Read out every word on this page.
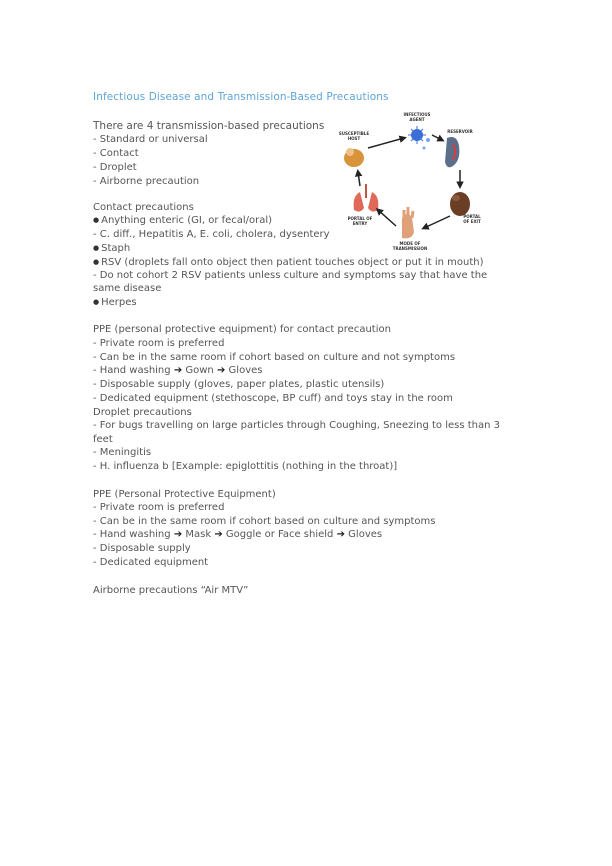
Infectious Disease and Transmission-Based Precautions
There are 4 transmission-based precautions
- Standard or universal
- Contact
- Droplet
- Airborne precaution
Contact precautions
● Anything enteric (GI, or fecal/oral)
- C. diff., Hepatitis A, E. coli, cholera, dysentery
● Staph
● RSV (droplets fall onto object then patient touches object or put it in mouth)
- Do not cohort 2 RSV patients unless culture and symptoms say that have the
same disease
● Herpes
PPE (personal protective equipment) for contact precaution
- Private room is preferred
- Can be in the same room if cohort based on culture and not symptoms
- Hand washing ➔ Gown ➔ Gloves
- Disposable supply (gloves, paper plates, plastic utensils)
- Dedicated equipment (stethoscope, BP cuff) and toys stay in the room
Droplet precautions
- For bugs travelling on large particles through Coughing, Sneezing to less than 3
feet
- Meningitis
- H. influenza b [Example: epiglottitis (nothing in the throat)]
PPE (Personal Protective Equipment)
- Private room is preferred
- Can be in the same room if cohort based on culture and symptoms
- Hand washing ➔ Mask ➔ Goggle or Face shield ➔ Gloves
- Disposable supply
- Dedicated equipment
Airborne precautions “Air MTV”
INFECTIOUS
AGENT
RESERVOIR
PORTAL
OF EXIT
MODE OF
TRANSMISSION
PORTAL OF
ENTRY
SUSCEPTIBLE
HOST
